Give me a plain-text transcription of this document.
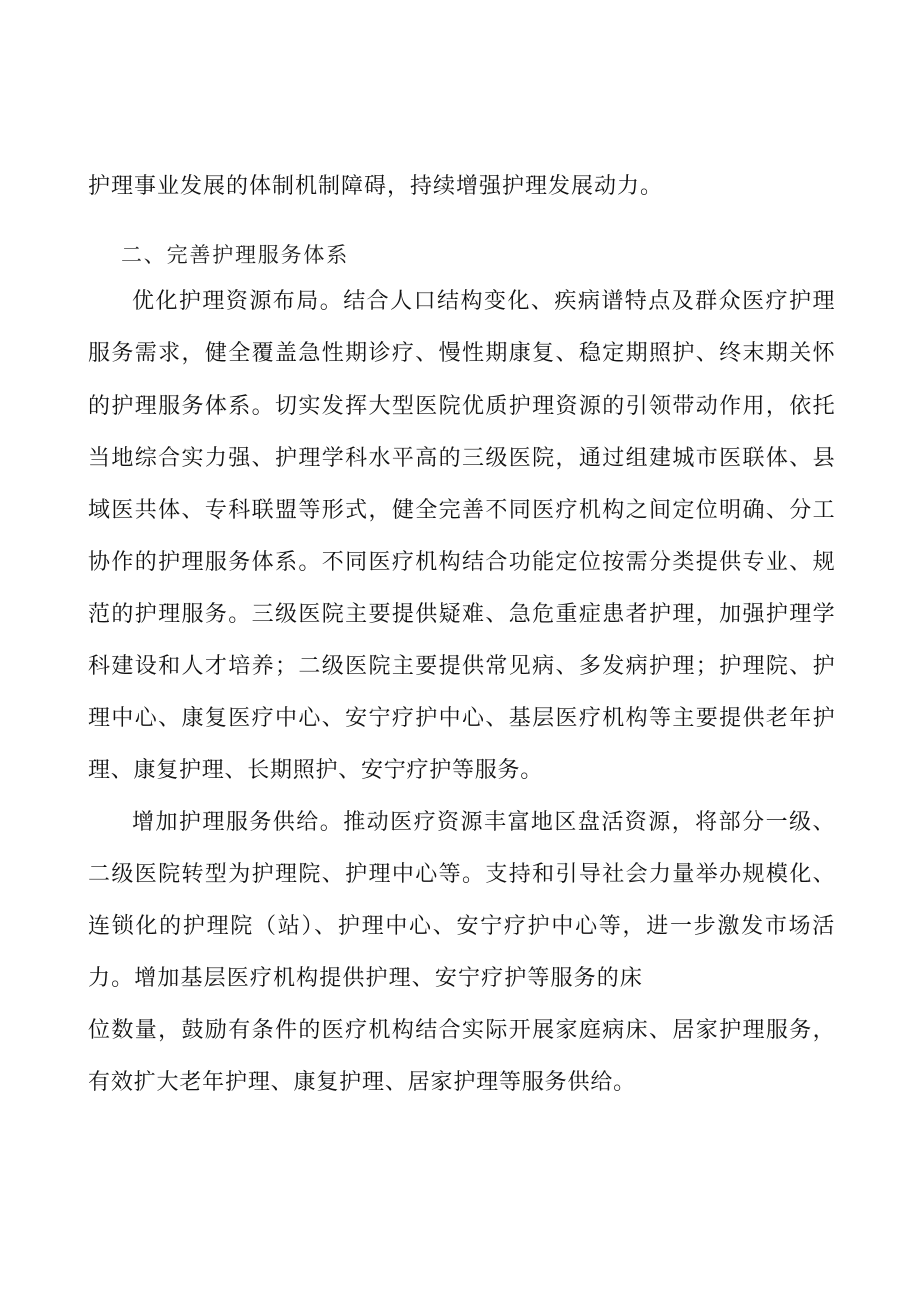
护理事业发展的体制机制障碍，持续增强护理发展动力。

二、完善护理服务体系

优化护理资源布局。结合人口结构变化、疾病谱特点及群众医疗护理

服务需求，健全覆盖急性期诊疗、慢性期康复、稳定期照护、终末期关怀

的护理服务体系。切实发挥大型医院优质护理资源的引领带动作用，依托

当地综合实力强、护理学科水平高的三级医院，通过组建城市医联体、县

域医共体、专科联盟等形式，健全完善不同医疗机构之间定位明确、分工

协作的护理服务体系。不同医疗机构结合功能定位按需分类提供专业、规

范的护理服务。三级医院主要提供疑难、急危重症患者护理，加强护理学

科建设和人才培养；二级医院主要提供常见病、多发病护理；护理院、护

理中心、康复医疗中心、安宁疗护中心、基层医疗机构等主要提供老年护

理、康复护理、长期照护、安宁疗护等服务。

增加护理服务供给。推动医疗资源丰富地区盘活资源，将部分一级、

二级医院转型为护理院、护理中心等。支持和引导社会力量举办规模化、

连锁化的护理院（站）、护理中心、安宁疗护中心等，进一步激发市场活

力。增加基层医疗机构提供护理、安宁疗护等服务的床

位数量，鼓励有条件的医疗机构结合实际开展家庭病床、居家护理服务，

有效扩大老年护理、康复护理、居家护理等服务供给。
